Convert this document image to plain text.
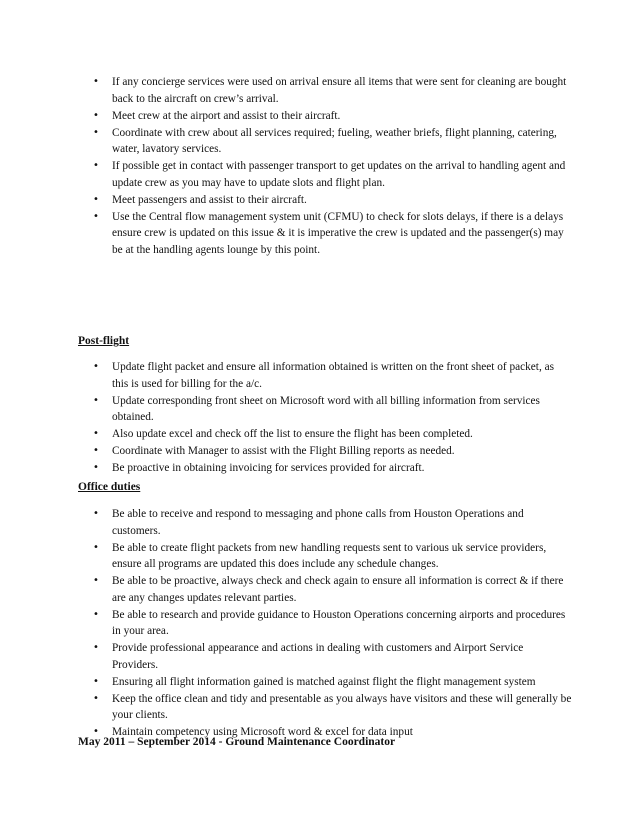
• If any concierge services were used on arrival ensure all items that were sent for cleaning are bought back to the aircraft on crew’s arrival.
• Meet crew at the airport and assist to their aircraft.
• Coordinate with crew about all services required; fueling, weather briefs, flight planning, catering, water, lavatory services.
• If possible get in contact with passenger transport to get updates on the arrival to handling agent and update crew as you may have to update slots and flight plan.
• Meet passengers and assist to their aircraft.
• Use the Central flow management system unit (CFMU) to check for slots delays, if there is a delays ensure crew is updated on this issue & it is imperative the crew is updated and the passenger(s) may be at the handling agents lounge by this point.
Post-flight
• Update flight packet and ensure all information obtained is written on the front sheet of packet, as this is used for billing for the a/c.
• Update corresponding front sheet on Microsoft word with all billing information from services obtained.
• Also update excel and check off the list to ensure the flight has been completed.
• Coordinate with Manager to assist with the Flight Billing reports as needed.
• Be proactive in obtaining invoicing for services provided for aircraft.
Office duties
• Be able to receive and respond to messaging and phone calls from Houston Operations and customers.
• Be able to create flight packets from new handling requests sent to various uk service providers, ensure all programs are updated this does include any schedule changes.
• Be able to be proactive, always check and check again to ensure all information is correct & if there are any changes updates relevant parties.
• Be able to research and provide guidance to Houston Operations concerning airports and procedures in your area.
• Provide professional appearance and actions in dealing with customers and Airport Service Providers.
• Ensuring all flight information gained is matched against flight the flight management system
• Keep the office clean and tidy and presentable as you always have visitors and these will generally be your clients.
• Maintain competency using Microsoft word & excel for data input
May 2011 – September 2014 - Ground Maintenance Coordinator
